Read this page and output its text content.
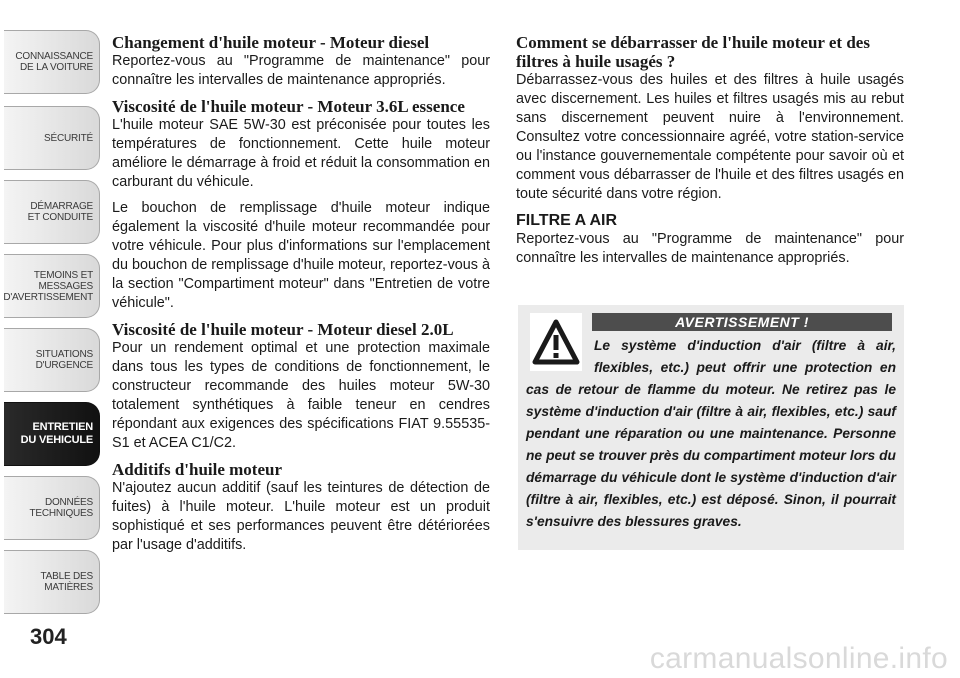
CONNAISSANCE
DE LA VOITURE
SÉCURITÉ
DÉMARRAGE
ET CONDUITE
TEMOINS ET
MESSAGES
D'AVERTISSEMENT
SITUATIONS
D'URGENCE
ENTRETIEN
DU VEHICULE
DONNÉES
TECHNIQUES
TABLE DES
MATIÈRES
304
Changement d'huile moteur - Moteur diesel

Reportez-vous au "Programme de maintenance" pour connaître les intervalles de maintenance appropriés.

Viscosité de l'huile moteur - Moteur 3.6L essence

L'huile moteur SAE 5W-30 est préconisée pour toutes les températures de fonctionnement. Cette huile moteur améliore le démarrage à froid et réduit la consommation en carburant du véhicule.

Le bouchon de remplissage d'huile moteur indique également la viscosité d'huile moteur recommandée pour votre véhicule. Pour plus d'informations sur l'emplacement du bouchon de remplissage d'huile moteur, reportez-vous à la section "Compartiment moteur" dans "Entretien de votre véhicule".

Viscosité de l'huile moteur - Moteur diesel 2.0L

Pour un rendement optimal et une protection maximale dans tous les types de conditions de fonctionnement, le constructeur recommande des huiles moteur 5W-30 totalement synthétiques à faible teneur en cendres répondant aux exigences des spécifications FIAT 9.55535-S1 et ACEA C1/C2.

Additifs d'huile moteur

N'ajoutez aucun additif (sauf les teintures de détection de fuites) à l'huile moteur. L'huile moteur est un produit sophistiqué et ses performances peuvent être détériorées par l'usage d'additifs.

Comment se débarrasser de l'huile moteur et des filtres à huile usagés ?

Débarrassez-vous des huiles et des filtres à huile usagés avec discernement. Les huiles et filtres usagés mis au rebut sans discernement peuvent nuire à l'environnement. Consultez votre concessionnaire agréé, votre station-service ou l'instance gouvernementale compétente pour savoir où et comment vous débarrasser de l'huile et des filtres usagés en toute sécurité dans votre région.

FILTRE A AIR

Reportez-vous au "Programme de maintenance" pour connaître les intervalles de maintenance appropriés.

AVERTISSEMENT !
Le système d'induction d'air (filtre à air, flexibles, etc.) peut offrir une protection en cas de retour de flamme du moteur. Ne retirez pas le système d'induction d'air (filtre à air, flexibles, etc.) sauf pendant une réparation ou une maintenance. Personne ne peut se trouver près du compartiment moteur lors du démarrage du véhicule dont le système d'induction d'air (filtre à air, flexibles, etc.) est déposé. Sinon, il pourrait s'ensuivre des blessures graves.
carmanualsonline.info
